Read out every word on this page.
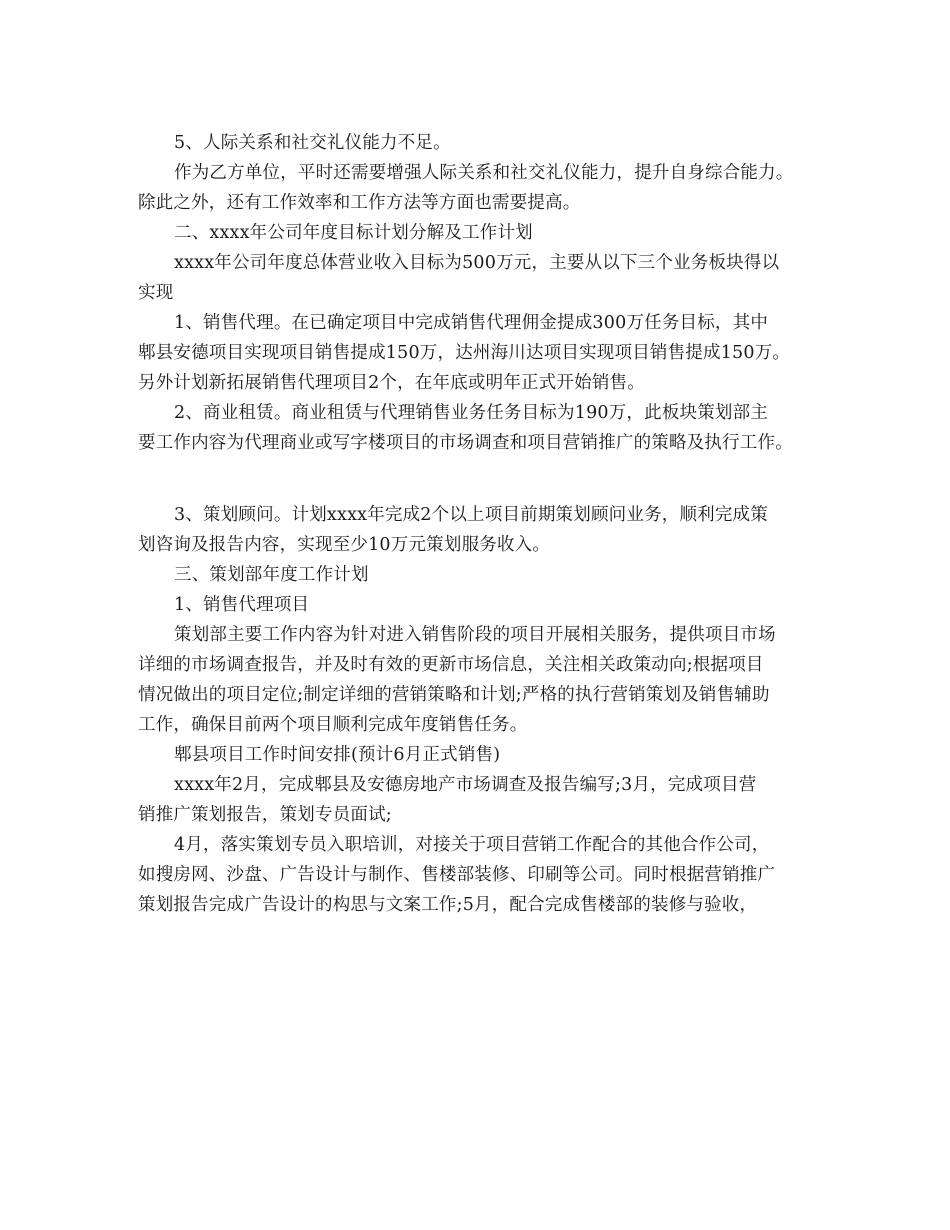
5、人际关系和社交礼仪能力不足。
作为乙方单位，平时还需要增强人际关系和社交礼仪能力，提升自身综合能力。
除此之外，还有工作效率和工作方法等方面也需要提高。
二、xxxx年公司年度目标计划分解及工作计划
xxxx年公司年度总体营业收入目标为500万元，主要从以下三个业务板块得以
实现
1、销售代理。在已确定项目中完成销售代理佣金提成300万任务目标，其中
郫县安德项目实现项目销售提成150万，达州海川达项目实现项目销售提成150万。
另外计划新拓展销售代理项目2个，在年底或明年正式开始销售。
2、商业租赁。商业租赁与代理销售业务任务目标为190万，此板块策划部主
要工作内容为代理商业或写字楼项目的市场调查和项目营销推广的策略及执行工作。
3、策划顾问。计划xxxx年完成2个以上项目前期策划顾问业务，顺利完成策
划咨询及报告内容，实现至少10万元策划服务收入。
三、策划部年度工作计划
1、销售代理项目
策划部主要工作内容为针对进入销售阶段的项目开展相关服务，提供项目市场
详细的市场调查报告，并及时有效的更新市场信息，关注相关政策动向;根据项目
情况做出的项目定位;制定详细的营销策略和计划;严格的执行营销策划及销售辅助
工作，确保目前两个项目顺利完成年度销售任务。
郫县项目工作时间安排(预计6月正式销售)
xxxx年2月，完成郫县及安德房地产市场调查及报告编写;3月，完成项目营
销推广策划报告，策划专员面试;
4月，落实策划专员入职培训，对接关于项目营销工作配合的其他合作公司，
如搜房网、沙盘、广告设计与制作、售楼部装修、印刷等公司。同时根据营销推广
策划报告完成广告设计的构思与文案工作;5月，配合完成售楼部的装修与验收，
